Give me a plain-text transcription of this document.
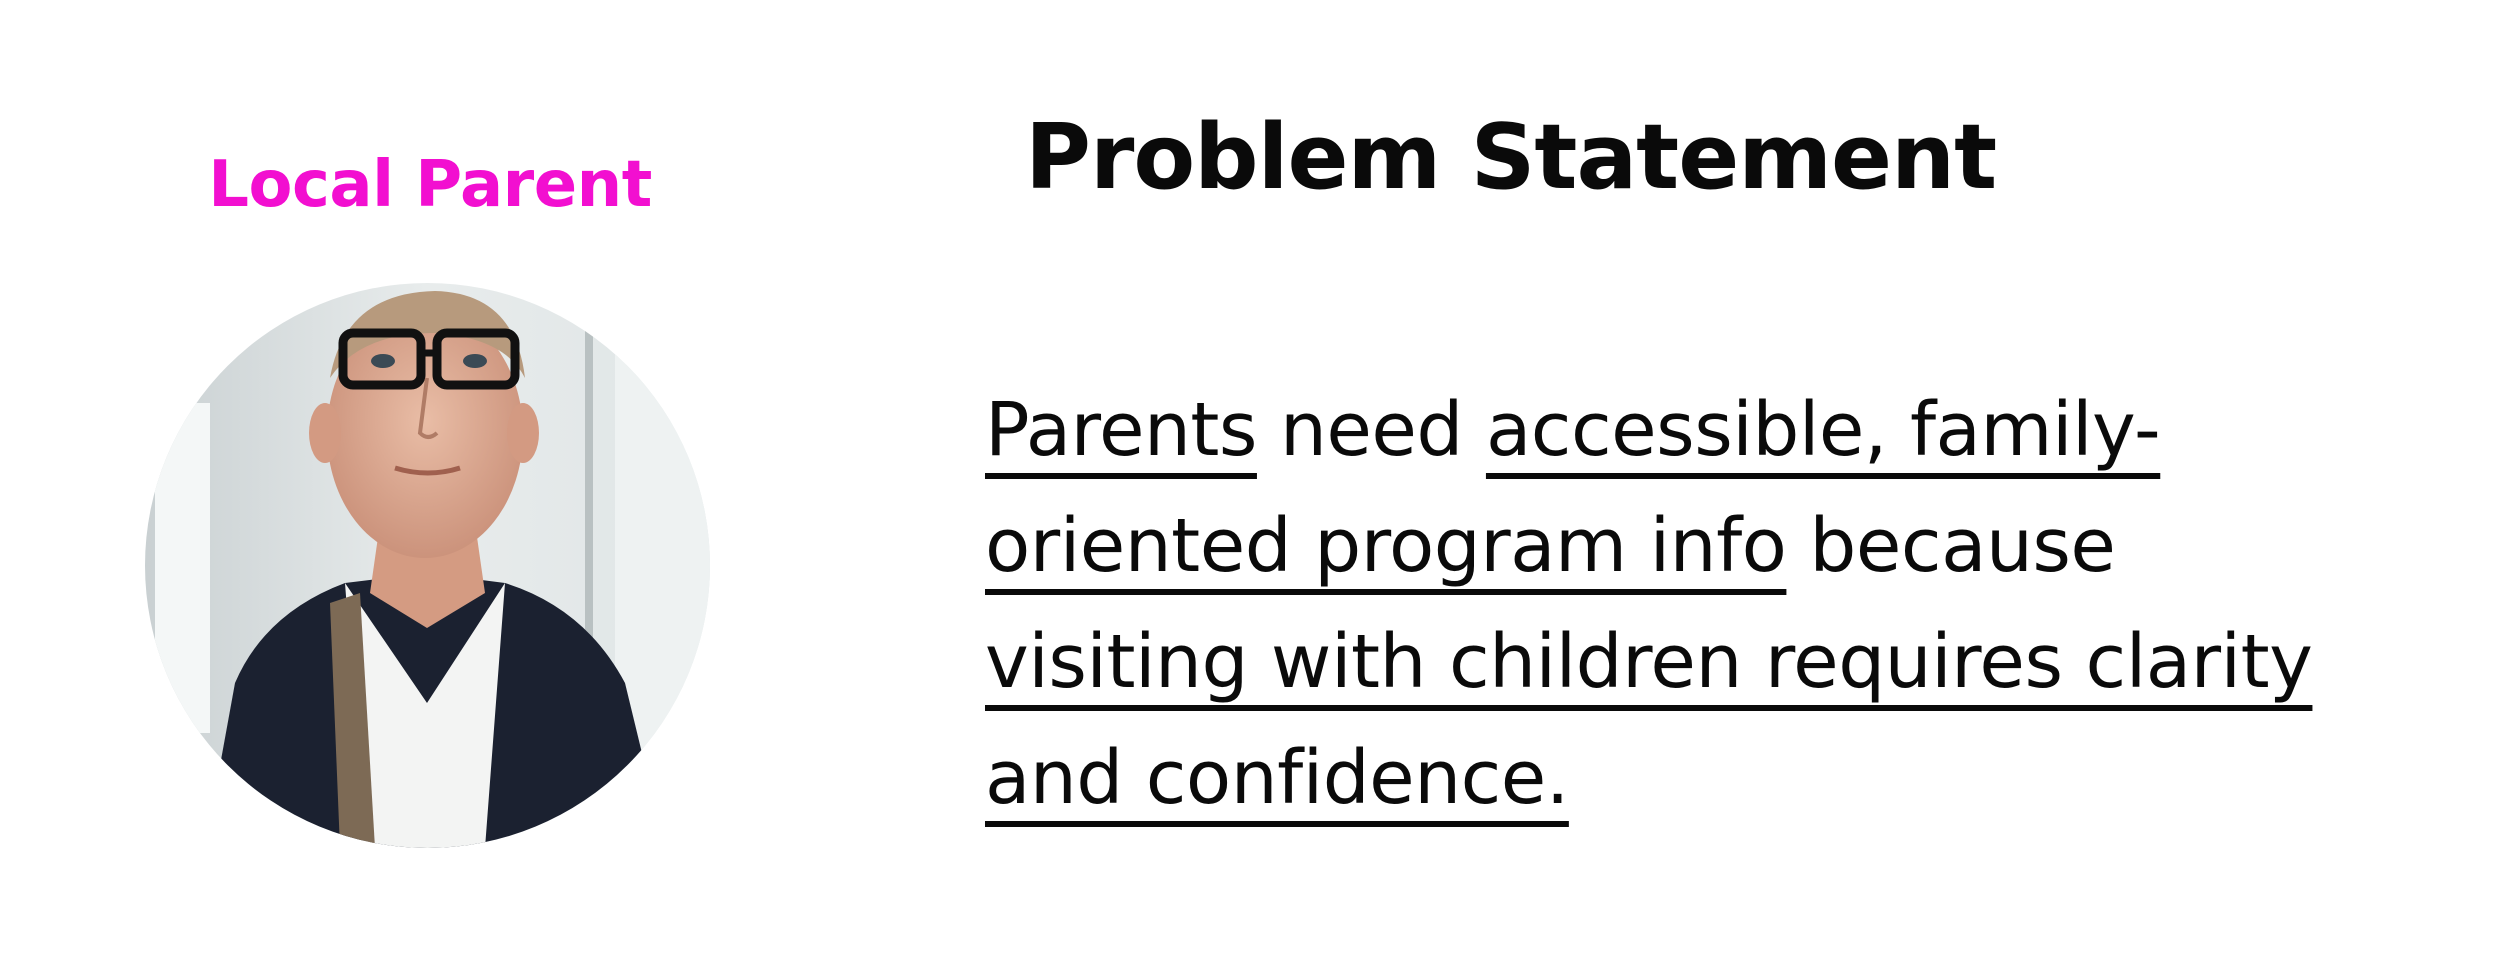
Local Parent	Problem Statement

Parents need accessible, family-
oriented program info because
visiting with children requires clarity
and confidence.
